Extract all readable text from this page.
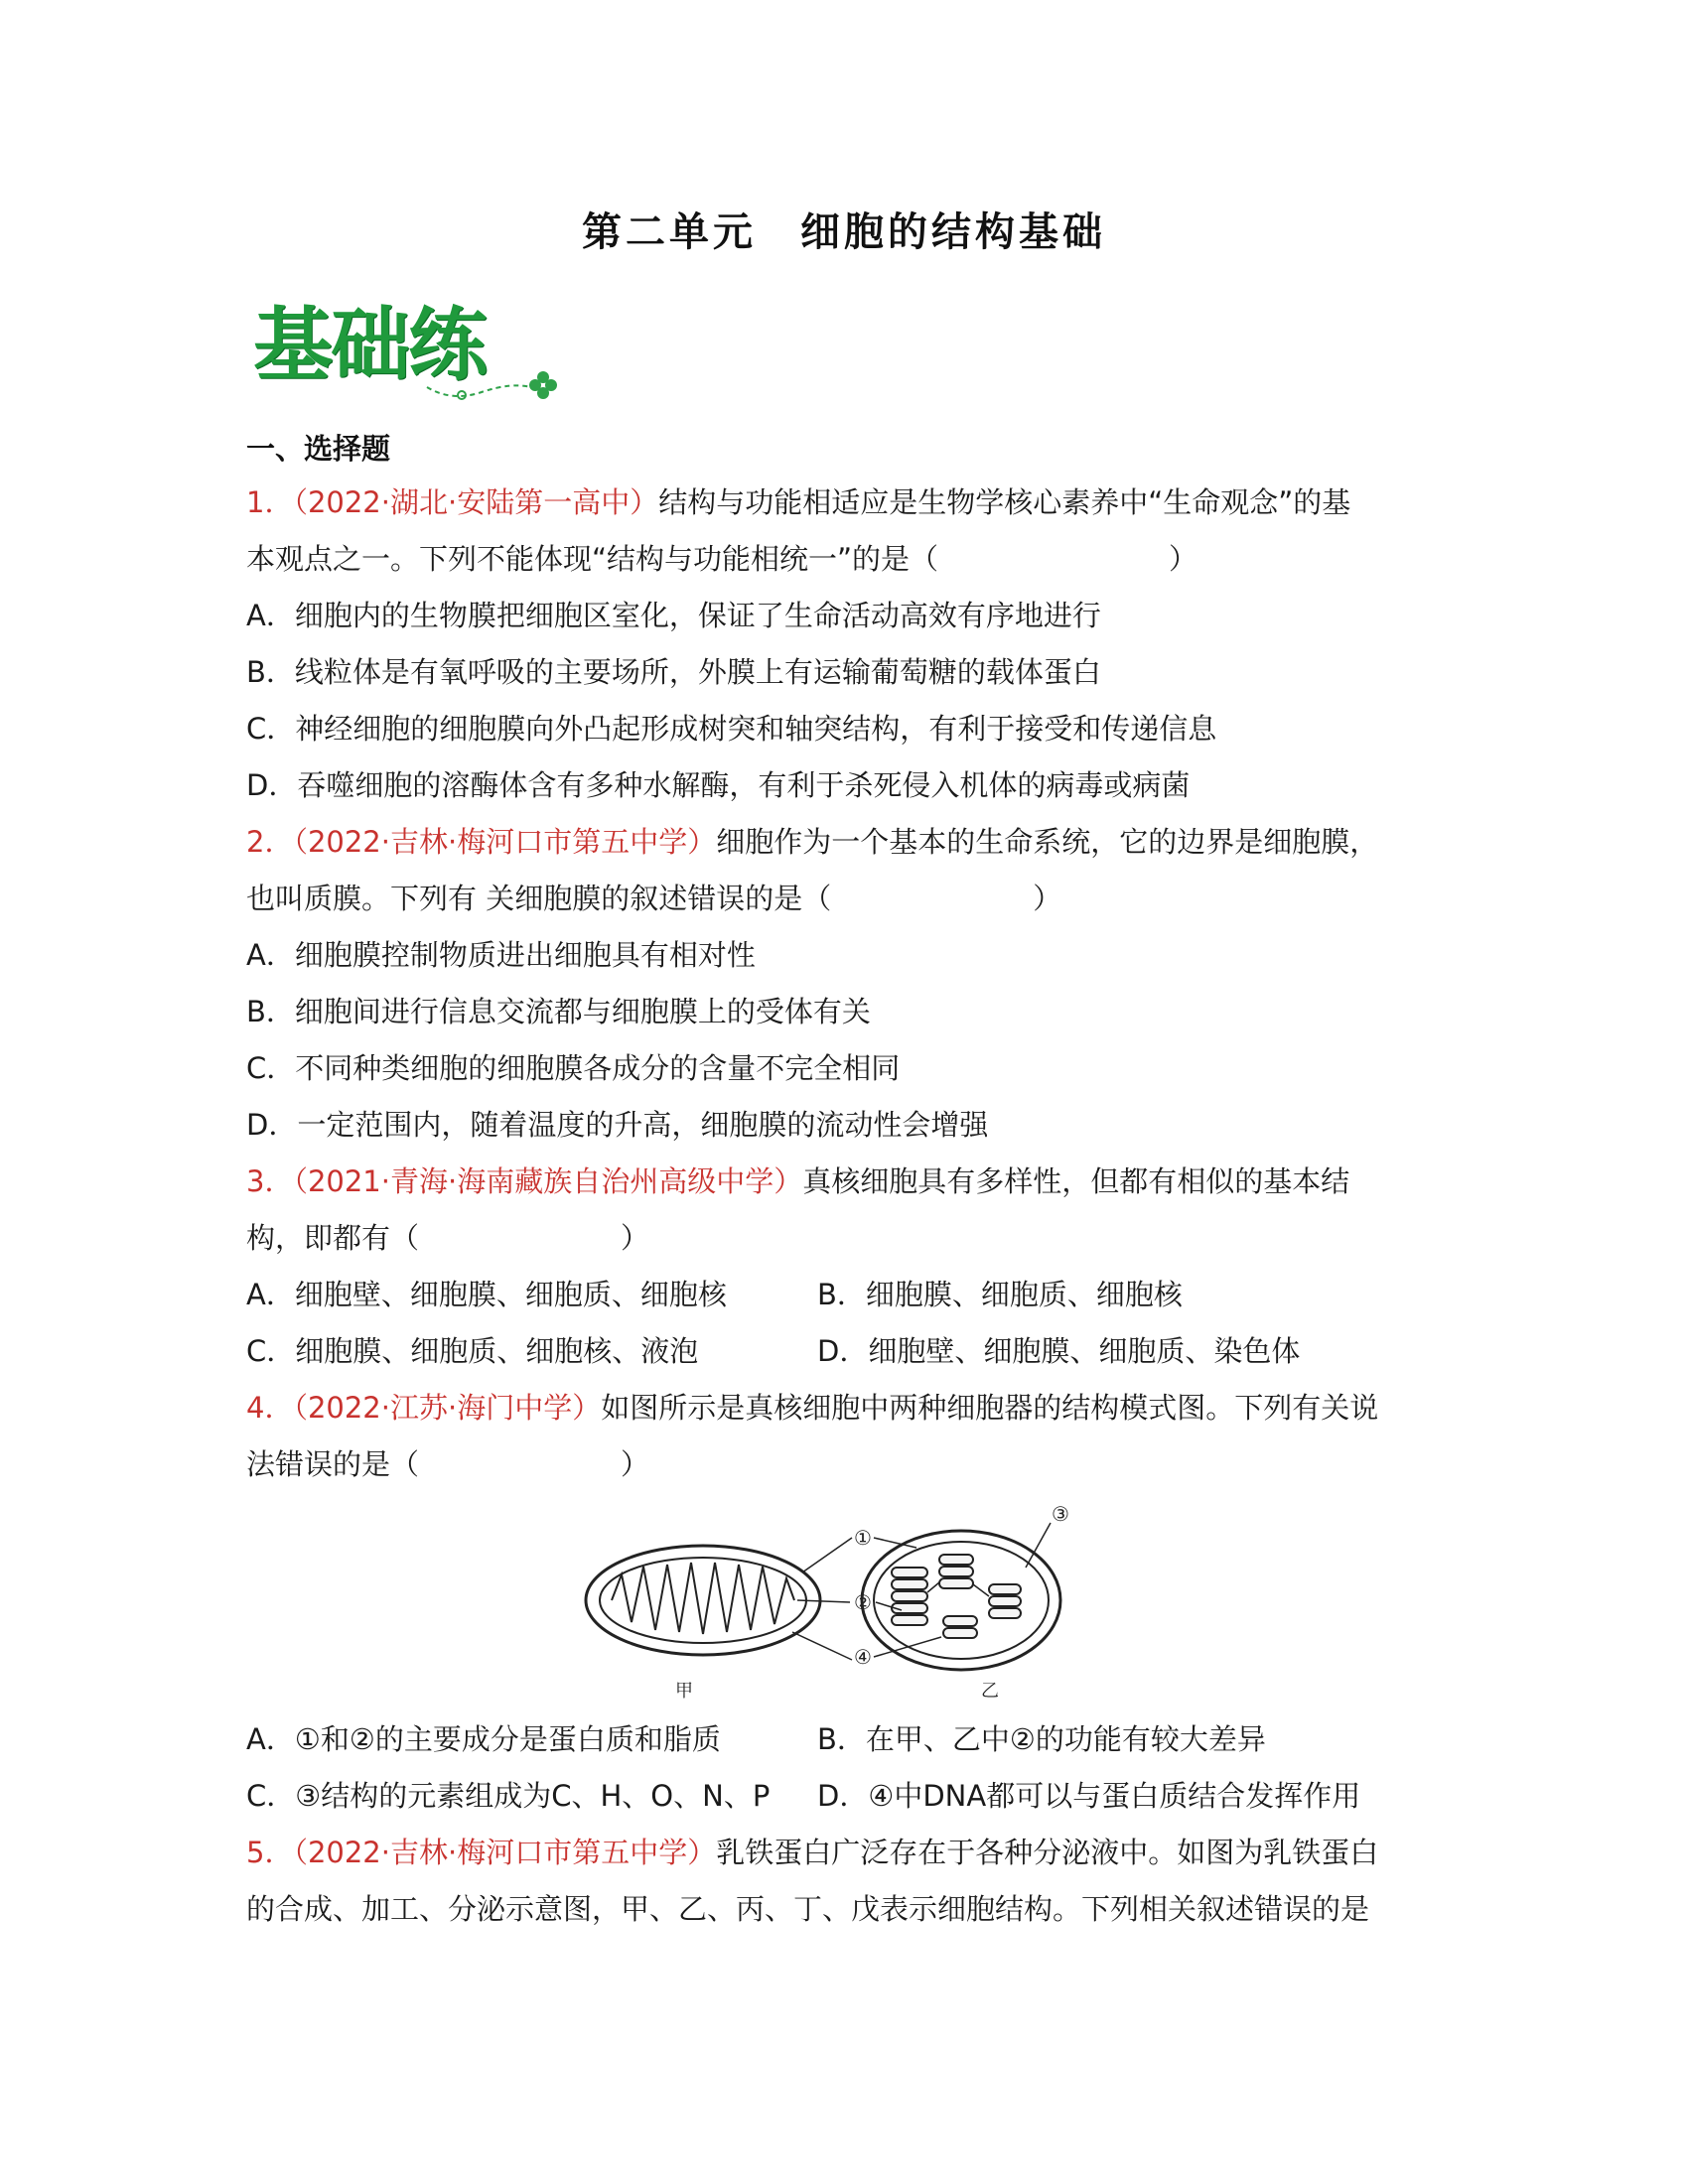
第二单元　细胞的结构基础
基础练
一、选择题
1．（2022·湖北·安陆第一高中）结构与功能相适应是生物学核心素养中“生命观念”的基
本观点之一。下列不能体现“结构与功能相统一”的是（　　　　　　　　）
A．细胞内的生物膜把细胞区室化，保证了生命活动高效有序地进行
B．线粒体是有氧呼吸的主要场所，外膜上有运输葡萄糖的载体蛋白
C．神经细胞的细胞膜向外凸起形成树突和轴突结构，有利于接受和传递信息
D．吞噬细胞的溶酶体含有多种水解酶，有利于杀死侵入机体的病毒或病菌
2．（2022·吉林·梅河口市第五中学）细胞作为一个基本的生命系统，它的边界是细胞膜，
也叫质膜。下列有 关细胞膜的叙述错误的是（　　　　　　　）
A．细胞膜控制物质进出细胞具有相对性
B．细胞间进行信息交流都与细胞膜上的受体有关
C．不同种类细胞的细胞膜各成分的含量不完全相同
D．一定范围内，随着温度的升高，细胞膜的流动性会增强
3．（2021·青海·海南藏族自治州高级中学）真核细胞具有多样性，但都有相似的基本结
构，即都有（　　　　　　　）
A．细胞壁、细胞膜、细胞质、细胞核	B．细胞膜、细胞质、细胞核
C．细胞膜、细胞质、细胞核、液泡	D．细胞壁、细胞膜、细胞质、染色体
4．（2022·江苏·海门中学）如图所示是真核细胞中两种细胞器的结构模式图。下列有关说
法错误的是（　　　　　　　）
①
②
③
④
甲	乙
A．①和②的主要成分是蛋白质和脂质	B．在甲、乙中②的功能有较大差异
C．③结构的元素组成为C、H、O、N、P	D．④中DNA都可以与蛋白质结合发挥作用
5．（2022·吉林·梅河口市第五中学）乳铁蛋白广泛存在于各种分泌液中。如图为乳铁蛋白
的合成、加工、分泌示意图，甲、乙、丙、丁、戊表示细胞结构。下列相关叙述错误的是
